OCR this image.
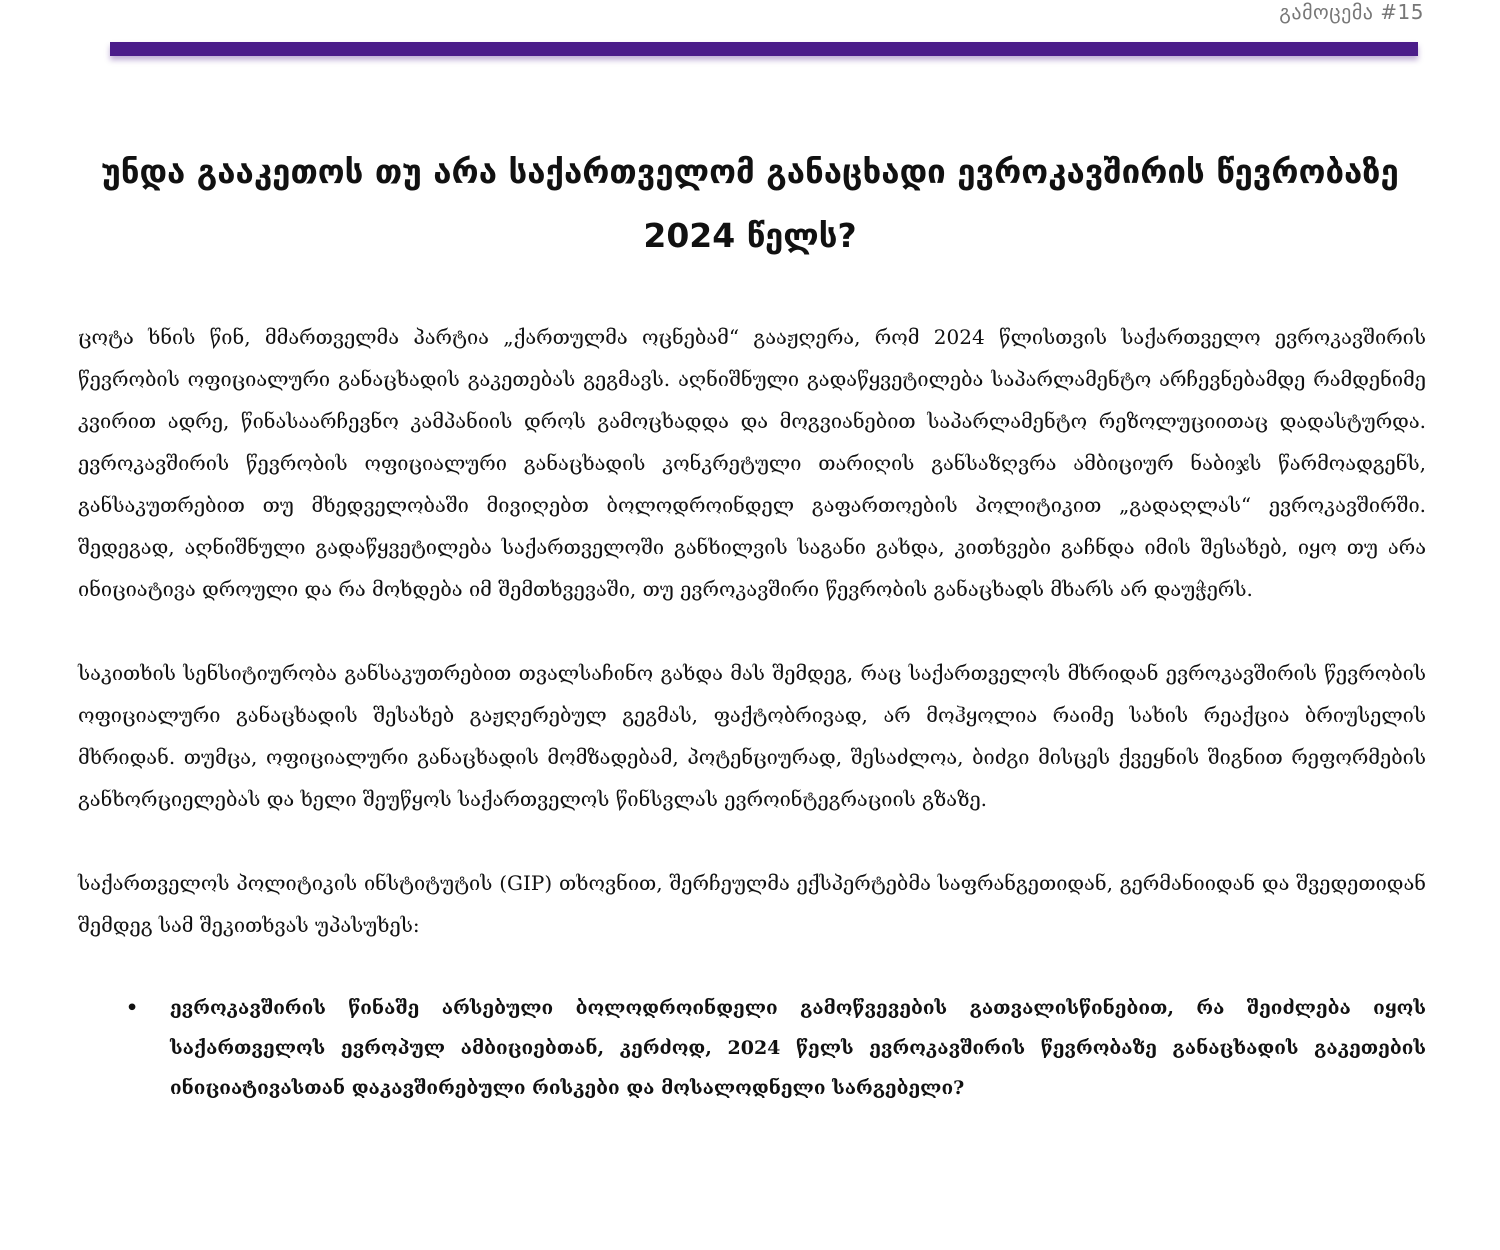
გამოცემა #15
უნდა გააკეთოს თუ არა საქართველომ განაცხადი ევროკავშირის წევრობაზე 2024 წელს?

ცოტა ხნის წინ, მმართველმა პარტია „ქართულმა ოცნებამ“ გააჟღერა, რომ 2024 წლისთვის საქართველო ევროკავშირის წევრობის ოფიციალური განაცხადის გაკეთებას გეგმავს. აღნიშნული გადაწყვეტილება საპარლამენტო არჩევნებამდე რამდენიმე კვირით ადრე, წინასაარჩევნო კამპანიის დროს გამოცხადდა და მოგვიანებით საპარლამენტო რეზოლუციითაც დადასტურდა. ევროკავშირის წევრობის ოფიციალური განაცხადის კონკრეტული თარიღის განსაზღვრა ამბიციურ ნაბიჯს წარმოადგენს, განსაკუთრებით თუ მხედველობაში მივიღებთ ბოლოდროინდელ გაფართოების პოლიტიკით „გადაღლას“ ევროკავშირში. შედეგად, აღნიშნული გადაწყვეტილება საქართველოში განხილვის საგანი გახდა, კითხვები გაჩნდა იმის შესახებ, იყო თუ არა ინიციატივა დროული და რა მოხდება იმ შემთხვევაში, თუ ევროკავშირი წევრობის განაცხადს მხარს არ დაუჭერს.

საკითხის სენსიტიურობა განსაკუთრებით თვალსაჩინო გახდა მას შემდეგ, რაც საქართველოს მხრიდან ევროკავშირის წევრობის ოფიციალური განაცხადის შესახებ გაჟღერებულ გეგმას, ფაქტობრივად, არ მოჰყოლია რაიმე სახის რეაქცია ბრიუსელის მხრიდან. თუმცა, ოფიციალური განაცხადის მომზადებამ, პოტენციურად, შესაძლოა, ბიძგი მისცეს ქვეყნის შიგნით რეფორმების განხორციელებას და ხელი შეუწყოს საქართველოს წინსვლას ევროინტეგრაციის გზაზე.

საქართველოს პოლიტიკის ინსტიტუტის (GIP) თხოვნით, შერჩეულმა ექსპერტებმა საფრანგეთიდან, გერმანიიდან და შვედეთიდან შემდეგ სამ შეკითხვას უპასუხეს:

• ევროკავშირის წინაშე არსებული ბოლოდროინდელი გამოწვევების გათვალისწინებით, რა შეიძლება იყოს საქართველოს ევროპულ ამბიციებთან, კერძოდ, 2024 წელს ევროკავშირის წევრობაზე განაცხადის გაკეთების ინიციატივასთან დაკავშირებული რისკები და მოსალოდნელი სარგებელი?
